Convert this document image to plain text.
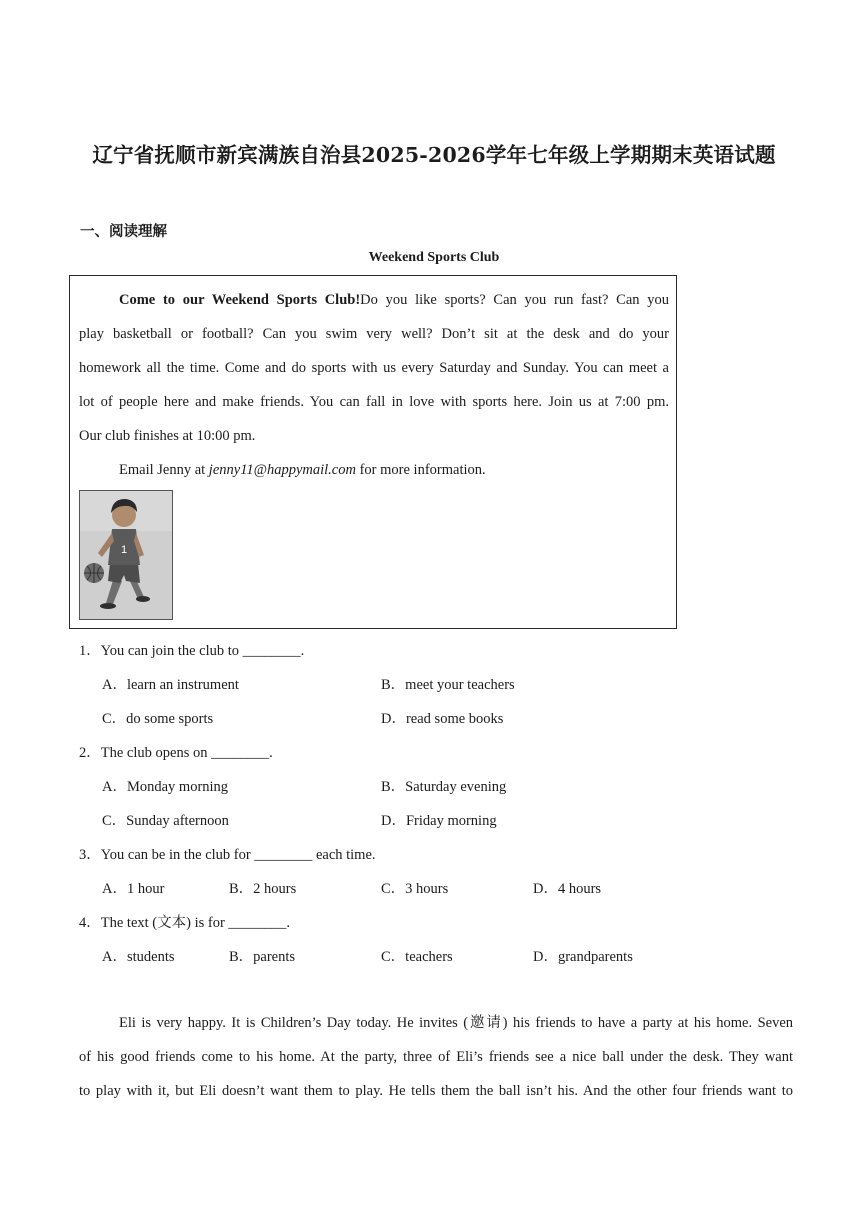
辽宁省抚顺市新宾满族自治县2025-2026学年七年级上学期期末英语试题
一、阅读理解
Weekend Sports Club
Come to our Weekend Sports Club!Do you like sports? Can you run fast? Can you
play basketball or football? Can you swim very well? Don’t sit at the desk and do your
homework all the time. Come and do sports with us every Saturday and Sunday. You can meet a
lot of people here and make friends. You can fall in love with sports here. Join us at 7:00 pm.
Our club finishes at 10:00 pm.
Email Jenny at jenny11@happymail.com for more information.
1
1．You can join the club to ________.
A．learn an instrument	B．meet your teachers
C．do some sports	D．read some books
2．The club opens on ________.
A．Monday morning	B．Saturday evening
C．Sunday afternoon	D．Friday morning
3．You can be in the club for ________ each time.
A．1 hour	B．2 hours	C．3 hours	D．4 hours
4．The text (文本) is for ________.
A．students	B．parents	C．teachers	D．grandparents
Eli is very happy. It is Children’s Day today. He invites (邀请) his friends to have a party at his home. Seven
of his good friends come to his home. At the party, three of Eli’s friends see a nice ball under the desk. They want
to play with it, but Eli doesn’t want them to play. He tells them the ball isn’t his. And the other four friends want to
